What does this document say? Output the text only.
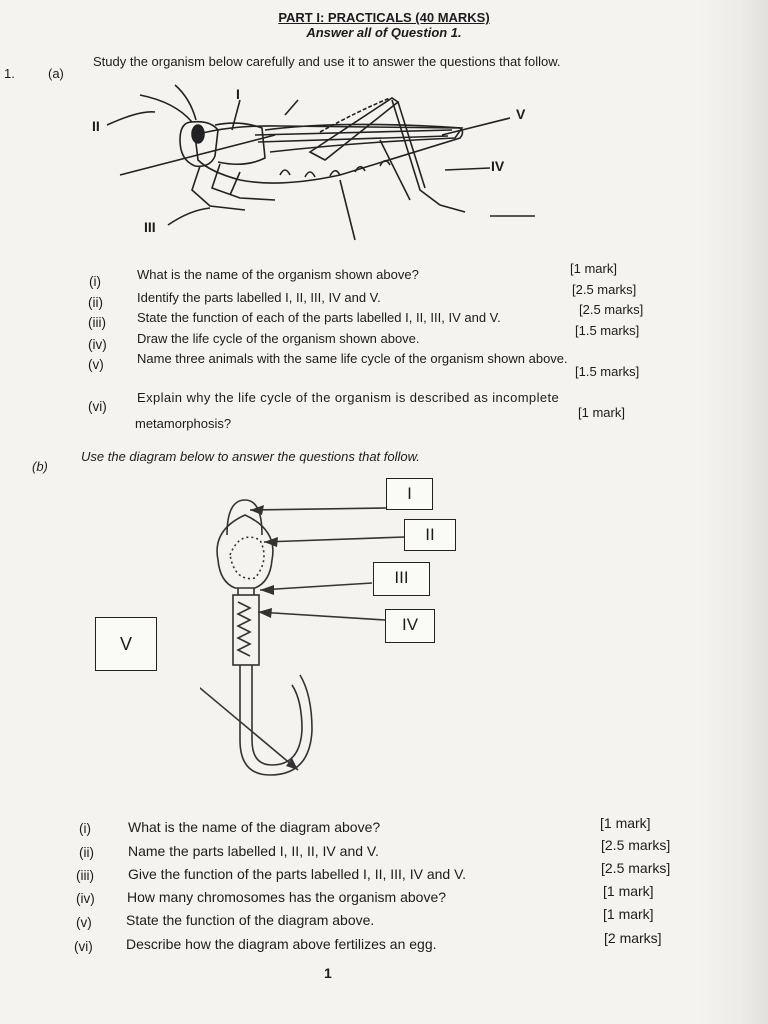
PART I: PRACTICALS (40 MARKS)
Answer all of Question 1.
1.	(a)
Study the organism below carefully and use it to answer the questions that follow.
I
II
III
IV
V
(i)	What is the name of the organism shown above?	[1 mark]
(ii)	Identify the parts labelled I, II, III, IV and V.
[2.5 marks]
(iii) State the function of each of the parts labelled I, II, III, IV and V.
[2.5 marks]
(iv) Draw the life cycle of the organism shown above.
[1.5 marks]
(v)	Name three animals with the same life cycle of the organism shown above.
[1.5 marks]
(vi)
Explain why the life cycle of the organism is described as incomplete
metamorphosis?
[1 mark]
(b)
Use the diagram below to answer the questions that follow.
I
II
III
IV
V
(i)	What is the name of the diagram above?	[1 mark]
(ii) Name the parts labelled I, II, II, IV and V.	[2.5 marks]
(iii) Give the function of the parts labelled I, II, III, IV and V.	[2.5 marks]
(iv) How many chromosomes has the organism above?	[1 mark]
(v) State the function of the diagram above.	[1 mark]
(vi) Describe how the diagram above fertilizes an egg.	[2 marks]
1
